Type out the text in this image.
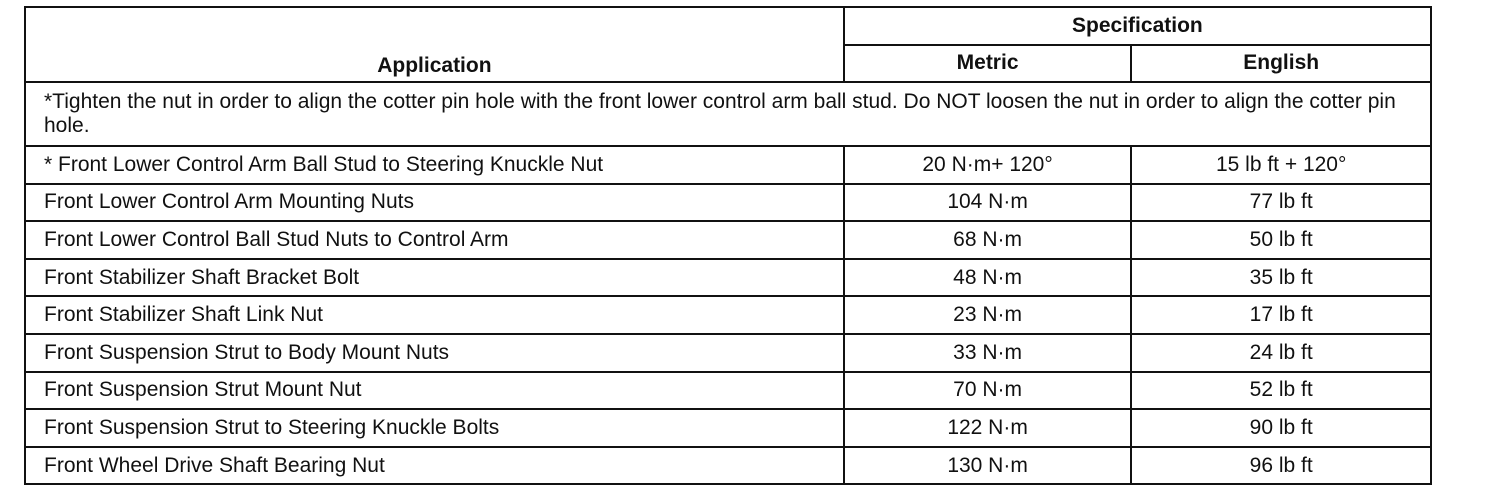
Application	Specification	
	Metric	English
*Tighten the nut in order to align the cotter pin hole with the front lower control arm ball stud. Do NOT loosen the nut in order to align the cotter pin hole.		
* Front Lower Control Arm Ball Stud to Steering Knuckle Nut	20 N·m+ 120°	15 lb ft + 120°
Front Lower Control Arm Mounting Nuts	104 N·m	77 lb ft
Front Lower Control Ball Stud Nuts to Control Arm	68 N·m	50 lb ft
Front Stabilizer Shaft Bracket Bolt	48 N·m	35 lb ft
Front Stabilizer Shaft Link Nut	23 N·m	17 lb ft
Front Suspension Strut to Body Mount Nuts	33 N·m	24 lb ft
Front Suspension Strut Mount Nut	70 N·m	52 lb ft
Front Suspension Strut to Steering Knuckle Bolts	122 N·m	90 lb ft
Front Wheel Drive Shaft Bearing Nut	130 N·m	96 lb ft
